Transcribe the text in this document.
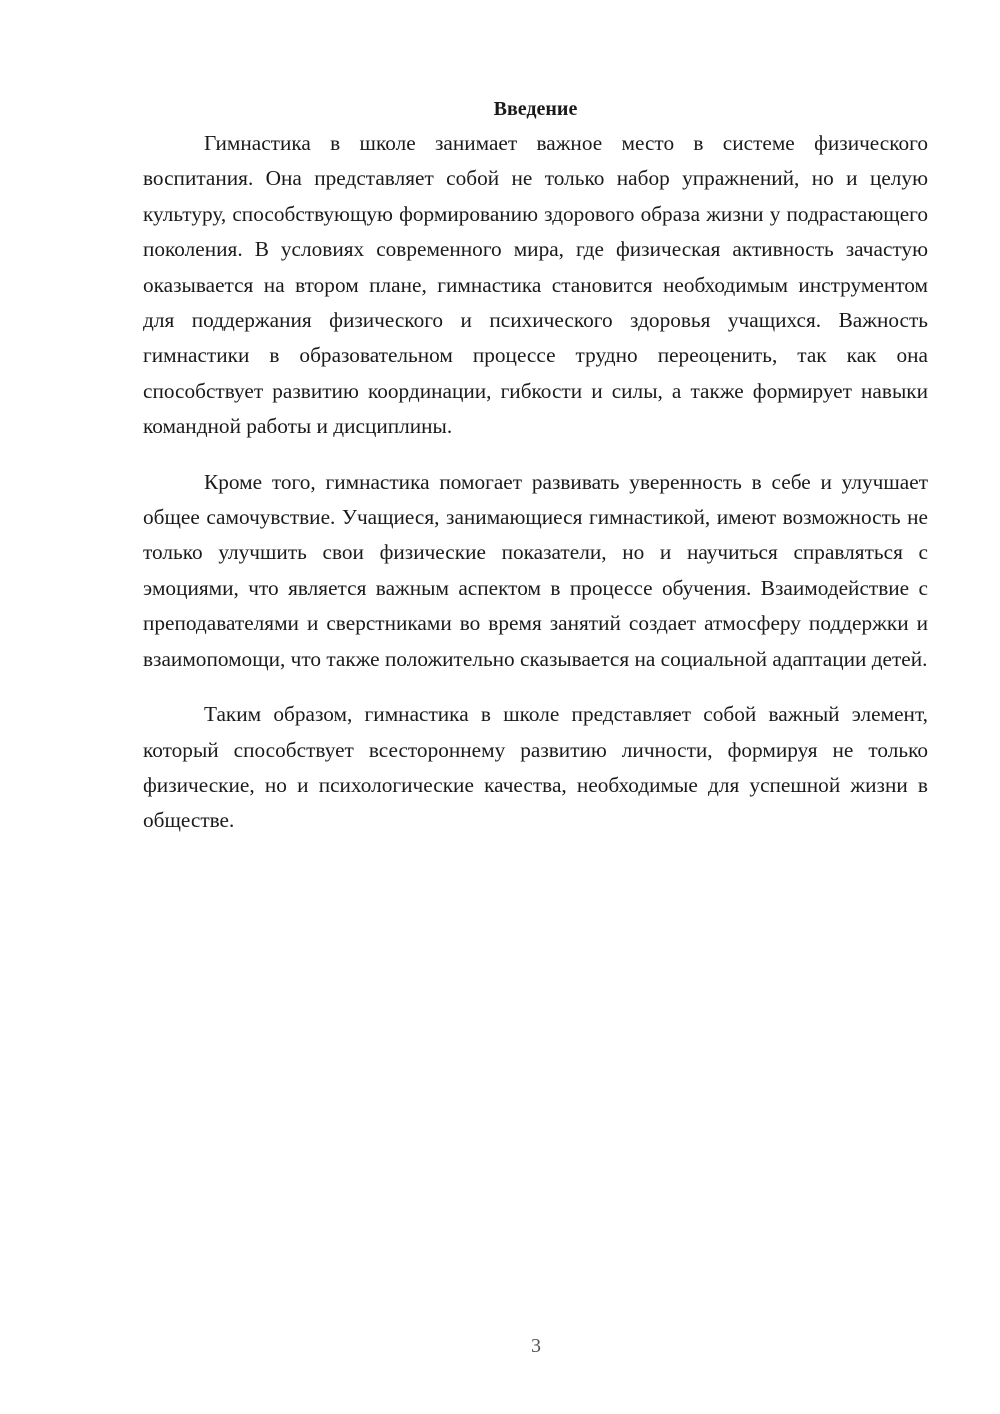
Введение

Гимнастика в школе занимает важное место в системе физического воспитания. Она представляет собой не только набор упражнений, но и целую культуру, способствующую формированию здорового образа жизни у подрастающего поколения. В условиях современного мира, где физическая активность зачастую оказывается на втором плане, гимнастика становится необходимым инструментом для поддержания физического и психического здоровья учащихся. Важность гимнастики в образовательном процессе трудно переоценить, так как она способствует развитию координации, гибкости и силы, а также формирует навыки командной работы и дисциплины.

Кроме того, гимнастика помогает развивать уверенность в себе и улучшает общее самочувствие. Учащиеся, занимающиеся гимнастикой, имеют возможность не только улучшить свои физические показатели, но и научиться справляться с эмоциями, что является важным аспектом в процессе обучения. Взаимодействие с преподавателями и сверстниками во время занятий создает атмосферу поддержки и взаимопомощи, что также положительно сказывается на социальной адаптации детей.

Таким образом, гимнастика в школе представляет собой важный элемент, который способствует всестороннему развитию личности, формируя не только физические, но и психологические качества, необходимые для успешной жизни в обществе.

3
